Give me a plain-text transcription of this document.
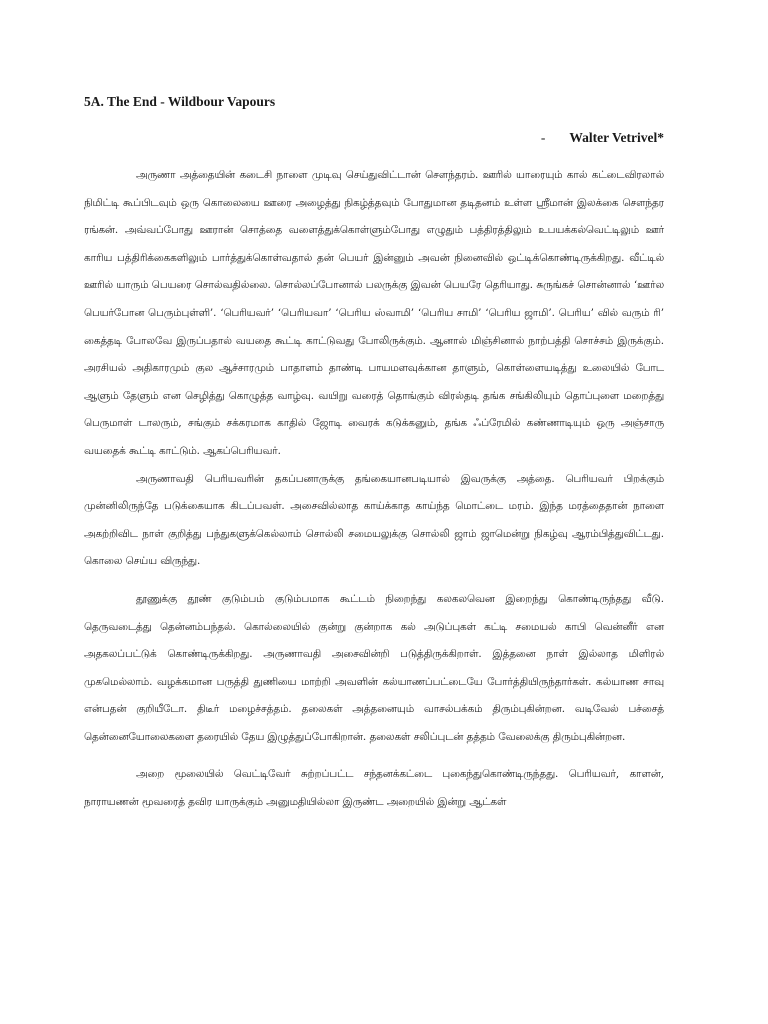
5A. The End - Wildbour Vapours
- Walter Vetrivel*

அருணா அத்தையின் கடைசி நாளை முடிவு செய்துவிட்டான் சௌந்தரம். ஊரில் யாரையும் கால் கட்டைவிரலால் நிமிட்டி கூப்பிடவும் ஒரு கொலையை ஊரை அழைத்து நிகழ்த்தவும் போதுமான தடிதனம் உள்ள ஸ்ரீமான் இலக்கை சௌந்தர ரங்கன். அவ்வப்போது ஊரான் சொத்தை வளைத்துக்கொள்ளும்போது எழுதும் பத்திரத்திலும் உபயக்கல்வெட்டிலும் ஊர் காரிய பத்திரிக்கைகளிலும் பார்த்துக்கொள்வதால் தன் பெயர் இன்னும் அவன் நினைவில் ஒட்டிக்கொண்டிருக்கிறது. வீட்டில் ஊரில் யாரும் பெயரை சொல்வதில்லை. சொல்லப்போனால் பலருக்கு இவன் பெயரே தெரியாது. சுருங்கச் சொன்னால் ‘ஊர்ல பெயர்போன பெரும்புள்ளி’. ‘பெரியவர்’ ‘பெரியவா’ ‘பெரிய ஸ்வாமி’ ‘பெரிய சாமி’ ‘பெரிய ஜாமி’. பெரிய’ வில் வரும் ரி’ கைத்தடி போலவே இருப்பதால் வயதை கூட்டி காட்டுவது போலிருக்கும். ஆனால் மிஞ்சினால் நாற்பத்தி சொச்சம் இருக்கும். அரசியல் அதிகாரமும் குல ஆச்சாரமும் பாதாளம் தாண்டி பாயமளவுக்கான தாளும், கொள்ளையடித்து உலையில் போட ஆளும் தேளும் என செழித்து கொழுத்த வாழ்வு. வயிறு வரைத் தொங்கும் விரல்தடி தங்க சங்கிலியும் தொப்புளை மறைத்து பெருமாள் டாலரும், சங்கும் சக்கரமாக காதில் ஜோடி வைரக் கடுக்கனும், தங்க ஃப்ரேமில் கண்ணாடியும் ஒரு அஞ்சாரு வயதைக் கூட்டி காட்டும். ஆகப்பெரியவர்.

அருணாவதி பெரியவரின் தகப்பனாருக்கு தங்கையானபடியால் இவருக்கு அத்தை. பெரியவர் பிறக்கும் முன்னிலிருந்தே படுக்கையாக கிடப்பவள். அசைவில்லாத காய்க்காத காய்ந்த மொட்டை மரம். இந்த மரத்தைதான் நாளை அகற்றிவிட நாள் குறித்து பந்துகளுக்கெல்லாம் சொல்லி சமையலுக்கு சொல்லி ஜாம் ஜாமென்று நிகழ்வு ஆரம்பித்துவிட்டது. கொலை செய்ய விருந்து.

தூணுக்கு தூண் குடும்பம் குடும்பமாக கூட்டம் நிறைந்து கலகலவென இறைந்து கொண்டிருந்தது வீடு. தெருவடைத்து தென்னம்பந்தல். கொல்லையில் குன்று குன்றாக கல் அடுப்புகள் கட்டி சமையல் காபி வென்னீர் என அதகலப்பட்டுக் கொண்டிருக்கிறது. அருணாவதி அசைவின்றி படுத்திருக்கிறாள். இத்தனை நாள் இல்லாத மிளிரல் முகமெல்லாம். வழக்கமான பருத்தி துணியை மாற்றி அவளின் கல்யாணப்பட்டையே போர்த்தியிருந்தார்கள். கல்யாண சாவு என்பதன் குறியீடோ. திடீர் மழைச்சத்தம். தலைகள் அத்தனையும் வாசல்பக்கம் திரும்புகின்றன. வடிவேல் பச்சைத் தென்னையோலைகளை தரையில் தேய இழுத்துப்போகிறான். தலைகள் சலிப்புடன் தத்தம் வேலைக்கு திரும்புகின்றன.

அறை மூலையில் வெட்டிவேர் சுற்றப்பட்ட சந்தனக்கட்டை புகைந்துகொண்டிருந்தது. பெரியவர், காளன், நாராயணன் மூவரைத் தவிர யாருக்கும் அனுமதியில்லா இருண்ட அறையில் இன்று ஆட்கள்
